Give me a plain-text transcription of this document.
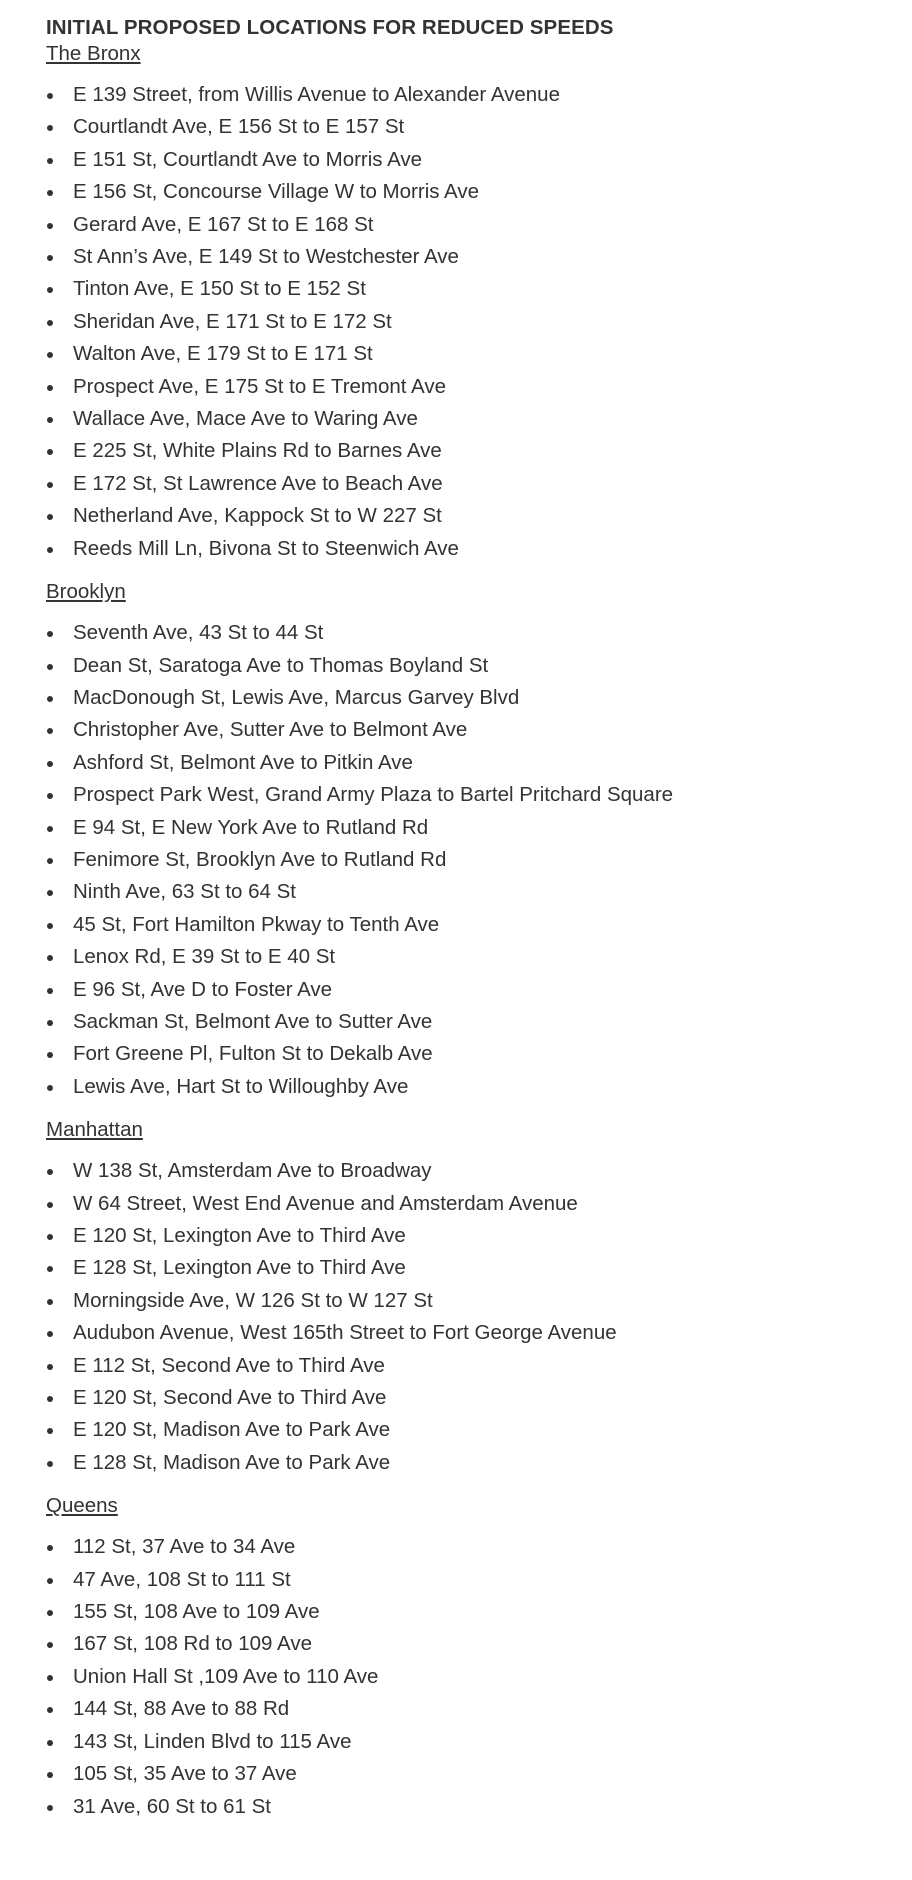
INITIAL PROPOSED LOCATIONS FOR REDUCED SPEEDS
The Bronx
E 139 Street, from Willis Avenue to Alexander Avenue
Courtlandt Ave, E 156 St to E 157 St
E 151 St, Courtlandt Ave to Morris Ave
E 156 St, Concourse Village W to Morris Ave
Gerard Ave, E 167 St to E 168 St
St Ann’s Ave, E 149 St to Westchester Ave
Tinton Ave, E 150 St to E 152 St
Sheridan Ave, E 171 St to E 172 St
Walton Ave, E 179 St to E 171 St
Prospect Ave, E 175 St to E Tremont Ave
Wallace Ave, Mace Ave to Waring Ave
E 225 St, White Plains Rd to Barnes Ave
E 172 St, St Lawrence Ave to Beach Ave
Netherland Ave, Kappock St to W 227 St
Reeds Mill Ln, Bivona St to Steenwich Ave
Brooklyn
Seventh Ave, 43 St to 44 St
Dean St, Saratoga Ave to Thomas Boyland St
MacDonough St, Lewis Ave, Marcus Garvey Blvd
Christopher Ave, Sutter Ave to Belmont Ave
Ashford St, Belmont Ave to Pitkin Ave
Prospect Park West, Grand Army Plaza to Bartel Pritchard Square
E 94 St, E New York Ave to Rutland Rd
Fenimore St, Brooklyn Ave to Rutland Rd
Ninth Ave, 63 St to 64 St
45 St, Fort Hamilton Pkway to Tenth Ave
Lenox Rd, E 39 St to E 40 St
E 96 St, Ave D to Foster Ave
Sackman St, Belmont Ave to Sutter Ave
Fort Greene Pl, Fulton St to Dekalb Ave
Lewis Ave, Hart St to Willoughby Ave
Manhattan
W 138 St, Amsterdam Ave to Broadway
W 64 Street, West End Avenue and Amsterdam Avenue
E 120 St, Lexington Ave to Third Ave
E 128 St, Lexington Ave to Third Ave
Morningside Ave, W 126 St to W 127 St
Audubon Avenue, West 165th Street to Fort George Avenue
E 112 St, Second Ave to Third Ave
E 120 St, Second Ave to Third Ave
E 120 St, Madison Ave to Park Ave
E 128 St, Madison Ave to Park Ave
Queens
112 St, 37 Ave to 34 Ave
47 Ave, 108 St to 111 St
155 St, 108 Ave to 109 Ave
167 St, 108 Rd to 109 Ave
Union Hall St ,109 Ave to 110 Ave
144 St, 88 Ave to 88 Rd
143 St, Linden Blvd to 115 Ave
105 St, 35 Ave to 37 Ave
31 Ave, 60 St to 61 St
